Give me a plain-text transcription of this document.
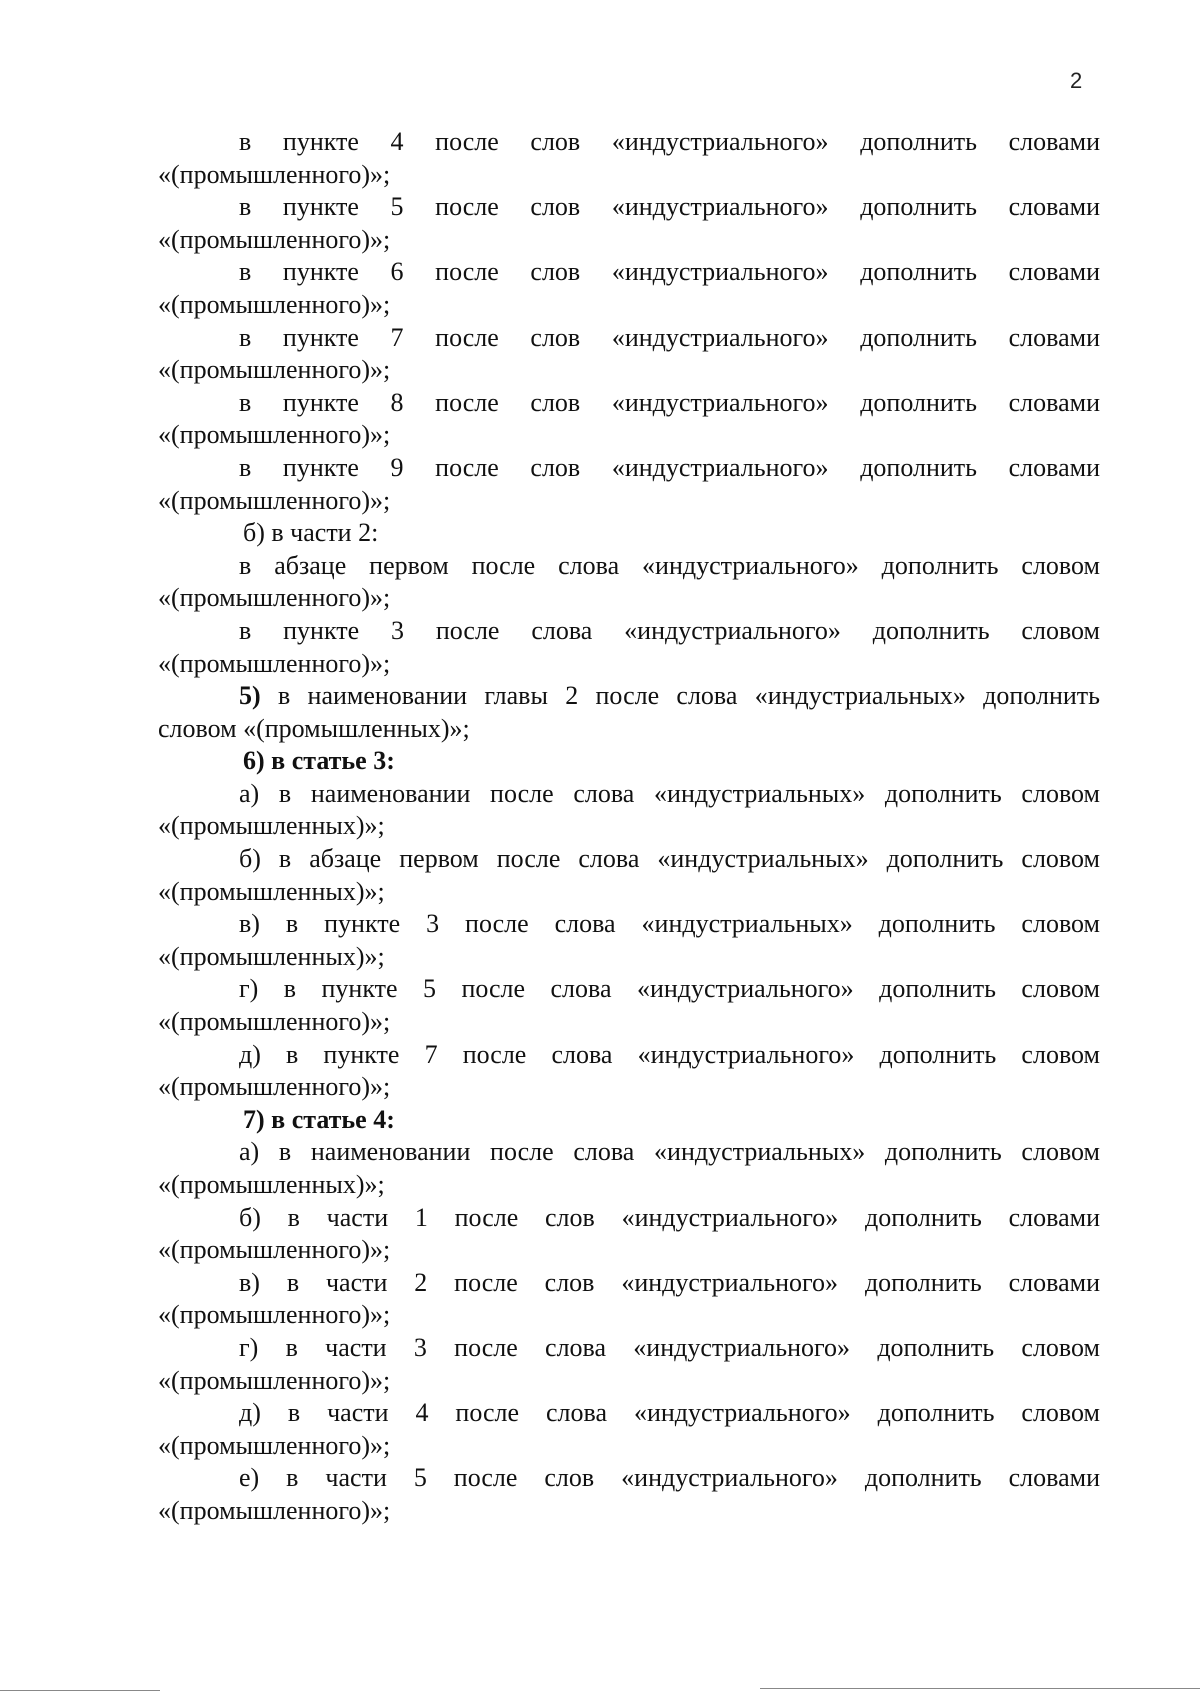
2

в пункте 4 после слов «индустриального» дополнить словами

«(промышленного)»;

в пункте 5 после слов «индустриального» дополнить словами

«(промышленного)»;

в пункте 6 после слов «индустриального» дополнить словами

«(промышленного)»;

в пункте 7 после слов «индустриального» дополнить словами

«(промышленного)»;

в пункте 8 после слов «индустриального» дополнить словами

«(промышленного)»;

в пункте 9 после слов «индустриального» дополнить словами

«(промышленного)»;

б) в части 2:

в абзаце первом после слова «индустриального» дополнить словом

«(промышленного)»;

в пункте 3 после слова «индустриального» дополнить словом

«(промышленного)»;

5) в наименовании главы 2 после слова «индустриальных» дополнить

словом «(промышленных)»;

6) в статье 3:

а) в наименовании после слова «индустриальных» дополнить словом

«(промышленных)»;

б) в абзаце первом после слова «индустриальных» дополнить словом

«(промышленных)»;

в) в пункте 3 после слова «индустриальных» дополнить словом

«(промышленных)»;

г) в пункте 5 после слова «индустриального» дополнить словом

«(промышленного)»;

д) в пункте 7 после слова «индустриального» дополнить словом

«(промышленного)»;

7) в статье 4:

а) в наименовании после слова «индустриальных» дополнить словом

«(промышленных)»;

б) в части 1 после слов «индустриального» дополнить словами

«(промышленного)»;

в) в части 2 после слов «индустриального» дополнить словами

«(промышленного)»;

г) в части 3 после слова «индустриального» дополнить словом

«(промышленного)»;

д) в части 4 после слова «индустриального» дополнить словом

«(промышленного)»;

е) в части 5 после слов «индустриального» дополнить словами

«(промышленного)»;
